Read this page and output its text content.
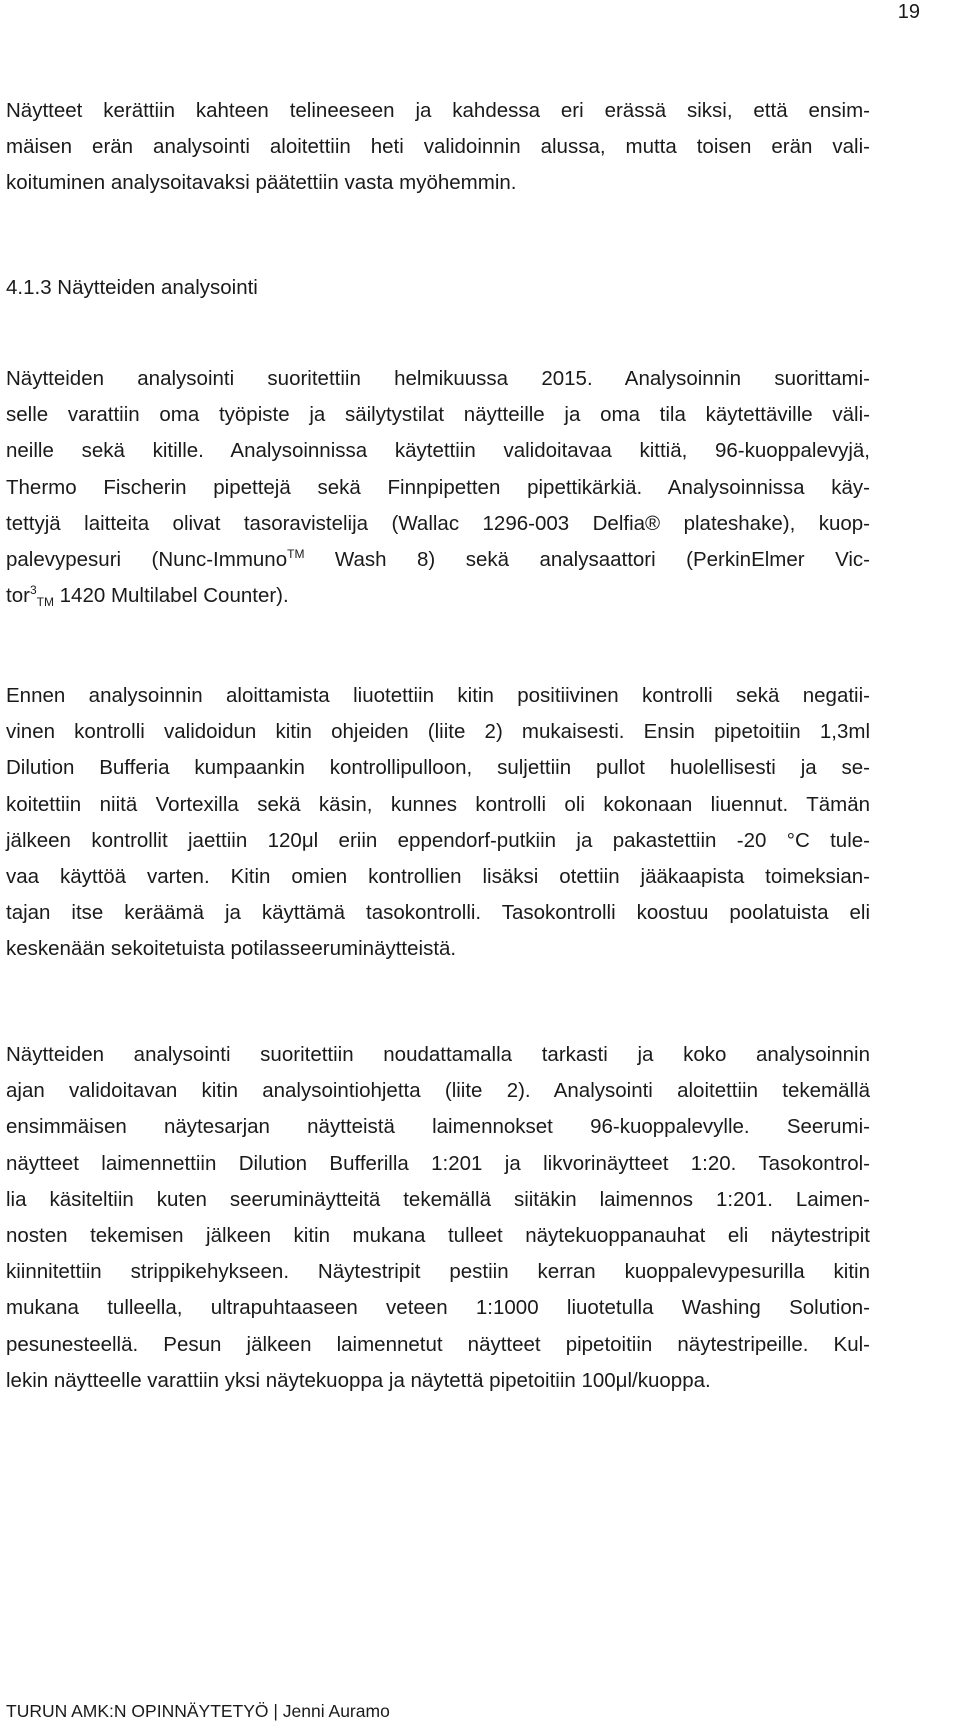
19
Näytteet kerättiin kahteen telineeseen ja kahdessa eri erässä siksi, että ensim-
mäisen erän analysointi aloitettiin heti validoinnin alussa, mutta toisen erän vali-
koituminen analysoitavaksi päätettiin vasta myöhemmin.
4.1.3 Näytteiden analysointi
Näytteiden analysointi suoritettiin helmikuussa 2015. Analysoinnin suorittami-
selle varattiin oma työpiste ja säilytystilat näytteille ja oma tila käytettäville väli-
neille sekä kitille. Analysoinnissa käytettiin validoitavaa kittiä, 96-kuoppalevyjä,
Thermo Fischerin pipettejä sekä Finnpipetten pipettikärkiä. Analysoinnissa käy-
tettyjä laitteita olivat tasoravistelija (Wallac 1296-003 Delfia® plateshake), kuop-
palevypesuri (Nunc-Immuno™ Wash 8) sekä analysaattori (PerkinElmer Vic-
tor$^3_{TM}$ 1420 Multilabel Counter).
Ennen analysoinnin aloittamista liuotettiin kitin positiivinen kontrolli sekä negatii-
vinen kontrolli validoidun kitin ohjeiden (liite 2) mukaisesti. Ensin pipetoitiin 1,3ml
Dilution Bufferia kumpaankin kontrollipulloon, suljettiin pullot huolellisesti ja se-
koitettiin niitä Vortexilla sekä käsin, kunnes kontrolli oli kokonaan liuennut. Tämän
jälkeen kontrollit jaettiin 120μl eriin eppendorf-putkiin ja pakastettiin -20 °C tule-
vaa käyttöä varten. Kitin omien kontrollien lisäksi otettiin jääkaapista toimeksian-
tajan itse keräämä ja käyttämä tasokontrolli. Tasokontrolli koostuu poolatuista eli
keskenään sekoitetuista potilasseeruminäytteistä.
Näytteiden analysointi suoritettiin noudattamalla tarkasti ja koko analysoinnin
ajan validoitavan kitin analysointiohjetta (liite 2). Analysointi aloitettiin tekemällä
ensimmäisen näytesarjan näytteistä laimennokset 96-kuoppalevylle. Seerumi-
näytteet laimennettiin Dilution Bufferilla 1:201 ja likvorinäytteet 1:20. Tasokontrol-
lia käsiteltiin kuten seeruminäytteitä tekemällä siitäkin laimennos 1:201. Laimen-
nosten tekemisen jälkeen kitin mukana tulleet näytekuoppanauhat eli näytestripit
kiinnitettiin strippikehykseen. Näytestripit pestiin kerran kuoppalevypesurilla kitin
mukana tulleella, ultrapuhtaaseen veteen 1:1000 liuotetulla Washing Solution-
pesunesteellä. Pesun jälkeen laimennetut näytteet pipetoitiin näytestripeille. Kul-
lekin näytteelle varattiin yksi näytekuoppa ja näytettä pipetoitiin 100μl/kuoppa.
TURUN AMK:N OPINNÄYTETYÖ | Jenni Auramo
